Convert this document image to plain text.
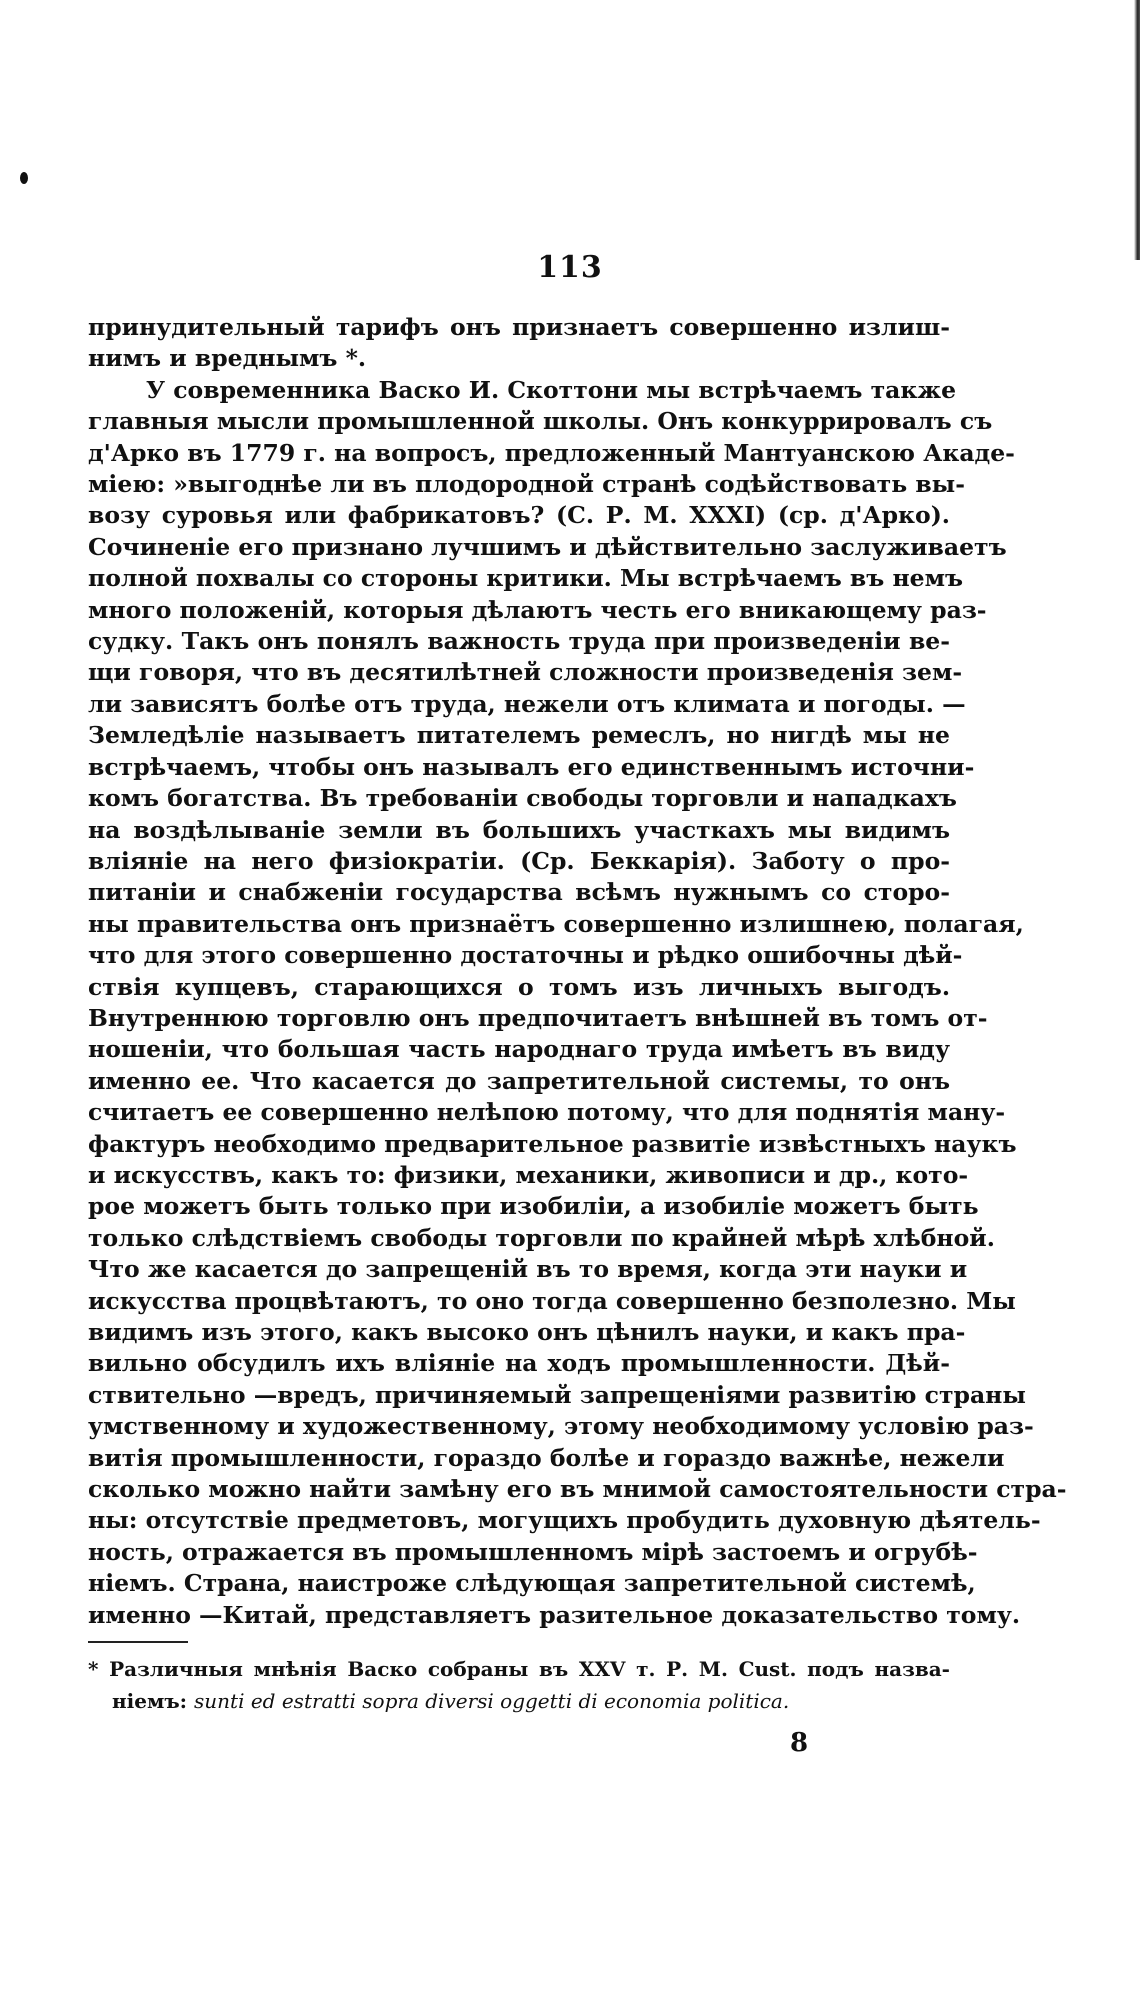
113
принудительный тарифъ онъ признаетъ совершенно излиш-
нимъ и вреднымъ *.
У современника Васко И. Скоттони мы встрѣчаемъ также
главныя мысли промышленной школы. Онъ конкуррировалъ съ
д'Арко въ 1779 г. на вопросъ, предложенный Мантуанскою Акаде-
міею: »выгоднѣе ли въ плодородной странѣ содѣйствовать вы-
возу суровья или фабрикатовъ? (С. Р. М. XXXI) (ср. д'Арко).
Сочиненіе его признано лучшимъ и дѣйствительно заслуживаетъ
полной похвалы со стороны критики. Мы встрѣчаемъ въ немъ
много положеній, которыя дѣлаютъ честь его вникающему раз-
судку. Такъ онъ понялъ важность труда при произведеніи ве-
щи говоря, что въ десятилѣтней сложности произведенія зем-
ли зависятъ болѣе отъ труда, нежели отъ климата и погоды. —
Земледѣліе называетъ питателемъ ремеслъ, но нигдѣ мы не
встрѣчаемъ, чтобы онъ называлъ его единственнымъ источни-
комъ богатства. Въ требованіи свободы торговли и нападкахъ
на воздѣлываніе земли въ большихъ участкахъ мы видимъ
вліяніе на него физіократіи. (Ср. Беккарія). Заботу о про-
питаніи и снабженіи государства всѣмъ нужнымъ со сторо-
ны правительства онъ признаётъ совершенно излишнею, полагая,
что для этого совершенно достаточны и рѣдко ошибочны дѣй-
ствія купцевъ, старающихся о томъ изъ личныхъ выгодъ.
Внутреннюю торговлю онъ предпочитаетъ внѣшней въ томъ от-
ношеніи, что большая часть народнаго труда имѣетъ въ виду
именно ее. Что касается до запретительной системы, то онъ
считаетъ ее совершенно нелѣпою потому, что для поднятія ману-
фактуръ необходимо предварительное развитіе извѣстныхъ наукъ
и искусствъ, какъ то: физики, механики, живописи и др., кото-
рое можетъ быть только при изобиліи, а изобиліе можетъ быть
только слѣдствіемъ свободы торговли по крайней мѣрѣ хлѣбной.
Что же касается до запрещеній въ то время, когда эти науки и
искусства процвѣтаютъ, то оно тогда совершенно безполезно. Мы
видимъ изъ этого, какъ высоко онъ цѣнилъ науки, и какъ пра-
вильно обсудилъ ихъ вліяніе на ходъ промышленности. Дѣй-
ствительно —вредъ, причиняемый запрещеніями развитію страны
умственному и художественному, этому необходимому условію раз-
витія промышленности, гораздо болѣе и гораздо важнѣе, нежели
сколько можно найти замѣну его въ мнимой самостоятельности стра-
ны: отсутствіе предметовъ, могущихъ пробудить духовную дѣятель-
ность, отражается въ промышленномъ мірѣ застоемъ и огрубѣ-
ніемъ. Страна, наистроже слѣдующая запретительной системѣ,
именно —Китай, представляетъ разительное доказательство тому.
* Различныя мнѣнія Васко собраны въ XXV т. Р. М. Cust. подъ назва-
ніемъ: sunti ed estratti sopra diversi oggetti di economia politica.
8
